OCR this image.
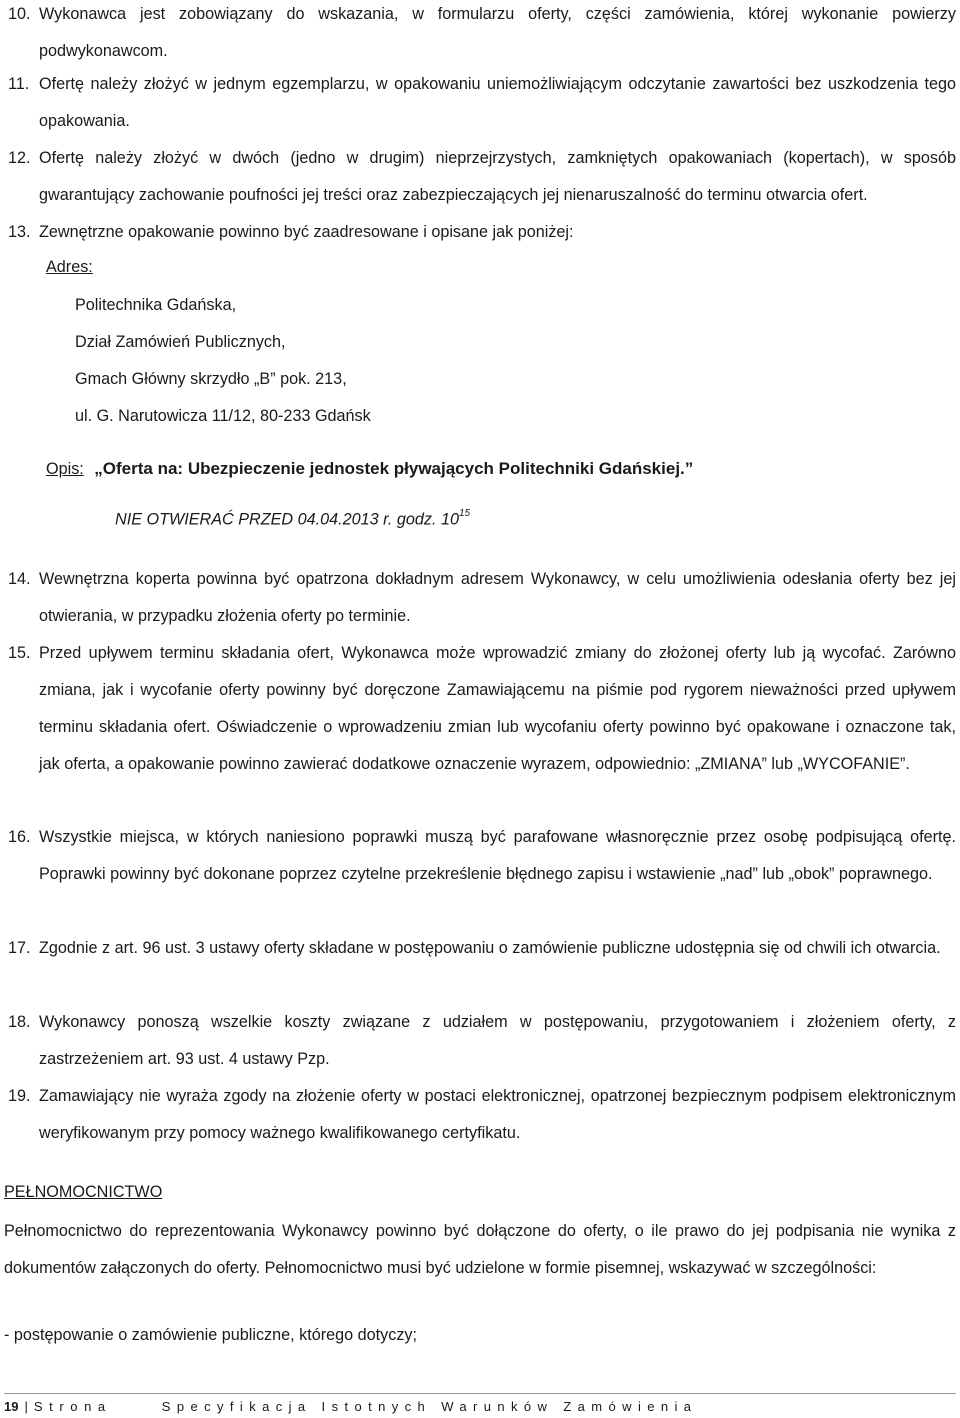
10. Wykonawca jest zobowiązany do wskazania, w formularzu oferty, części zamówienia, której wykonanie powierzy podwykonawcom.
11. Ofertę należy złożyć w jednym egzemplarzu, w opakowaniu uniemożliwiającym odczytanie zawartości bez uszkodzenia tego opakowania.
12. Ofertę należy złożyć w dwóch (jedno w drugim) nieprzejrzystych, zamkniętych opakowaniach (kopertach), w sposób gwarantujący zachowanie poufności jej treści oraz zabezpieczających jej nienaruszalność do terminu otwarcia ofert.
13. Zewnętrzne opakowanie powinno być zaadresowane i opisane jak poniżej:
Adres:
Politechnika Gdańska,
Dział Zamówień Publicznych,
Gmach Główny skrzydło „B” pok. 213,
ul. G. Narutowicza 11/12, 80-233 Gdańsk
Opis: „Oferta na: Ubezpieczenie jednostek pływających Politechniki Gdańskiej.”
NIE OTWIERAĆ PRZED 04.04.2013 r. godz. $10^{15}$
14. Wewnętrzna koperta powinna być opatrzona dokładnym adresem Wykonawcy, w celu umożliwienia odesłania oferty bez jej otwierania, w przypadku złożenia oferty po terminie.
15. Przed upływem terminu składania ofert, Wykonawca może wprowadzić zmiany do złożonej oferty lub ją wycofać. Zarówno zmiana, jak i wycofanie oferty powinny być doręczone Zamawiającemu na piśmie pod rygorem nieważności przed upływem terminu składania ofert. Oświadczenie o wprowadzeniu zmian lub wycofaniu oferty powinno być opakowane i oznaczone tak, jak oferta, a opakowanie powinno zawierać dodatkowe oznaczenie wyrazem, odpowiednio: „ZMIANA” lub „WYCOFANIE”.
16. Wszystkie miejsca, w których naniesiono poprawki muszą być parafowane własnoręcznie przez osobę podpisującą ofertę. Poprawki powinny być dokonane poprzez czytelne przekreślenie błędnego zapisu i wstawienie „nad” lub „obok” poprawnego.
17. Zgodnie z art. 96 ust. 3 ustawy oferty składane w postępowaniu o zamówienie publiczne udostępnia się od chwili ich otwarcia.
18. Wykonawcy ponoszą wszelkie koszty związane z udziałem w postępowaniu, przygotowaniem i złożeniem oferty, z zastrzeżeniem art. 93 ust. 4 ustawy Pzp.
19. Zamawiający nie wyraża zgody na złożenie oferty w postaci elektronicznej, opatrzonej bezpiecznym podpisem elektronicznym weryfikowanym przy pomocy ważnego kwalifikowanego certyfikatu.
PEŁNOMOCNICTWO
Pełnomocnictwo do reprezentowania Wykonawcy powinno być dołączone do oferty, o ile prawo do jej podpisania nie wynika z dokumentów załączonych do oferty. Pełnomocnictwo musi być udzielone w formie pisemnej, wskazywać w szczególności:
- postępowanie o zamówienie publiczne, którego dotyczy;
19 | Strona	Specyfikacja Istotnych Warunków Zamówienia
